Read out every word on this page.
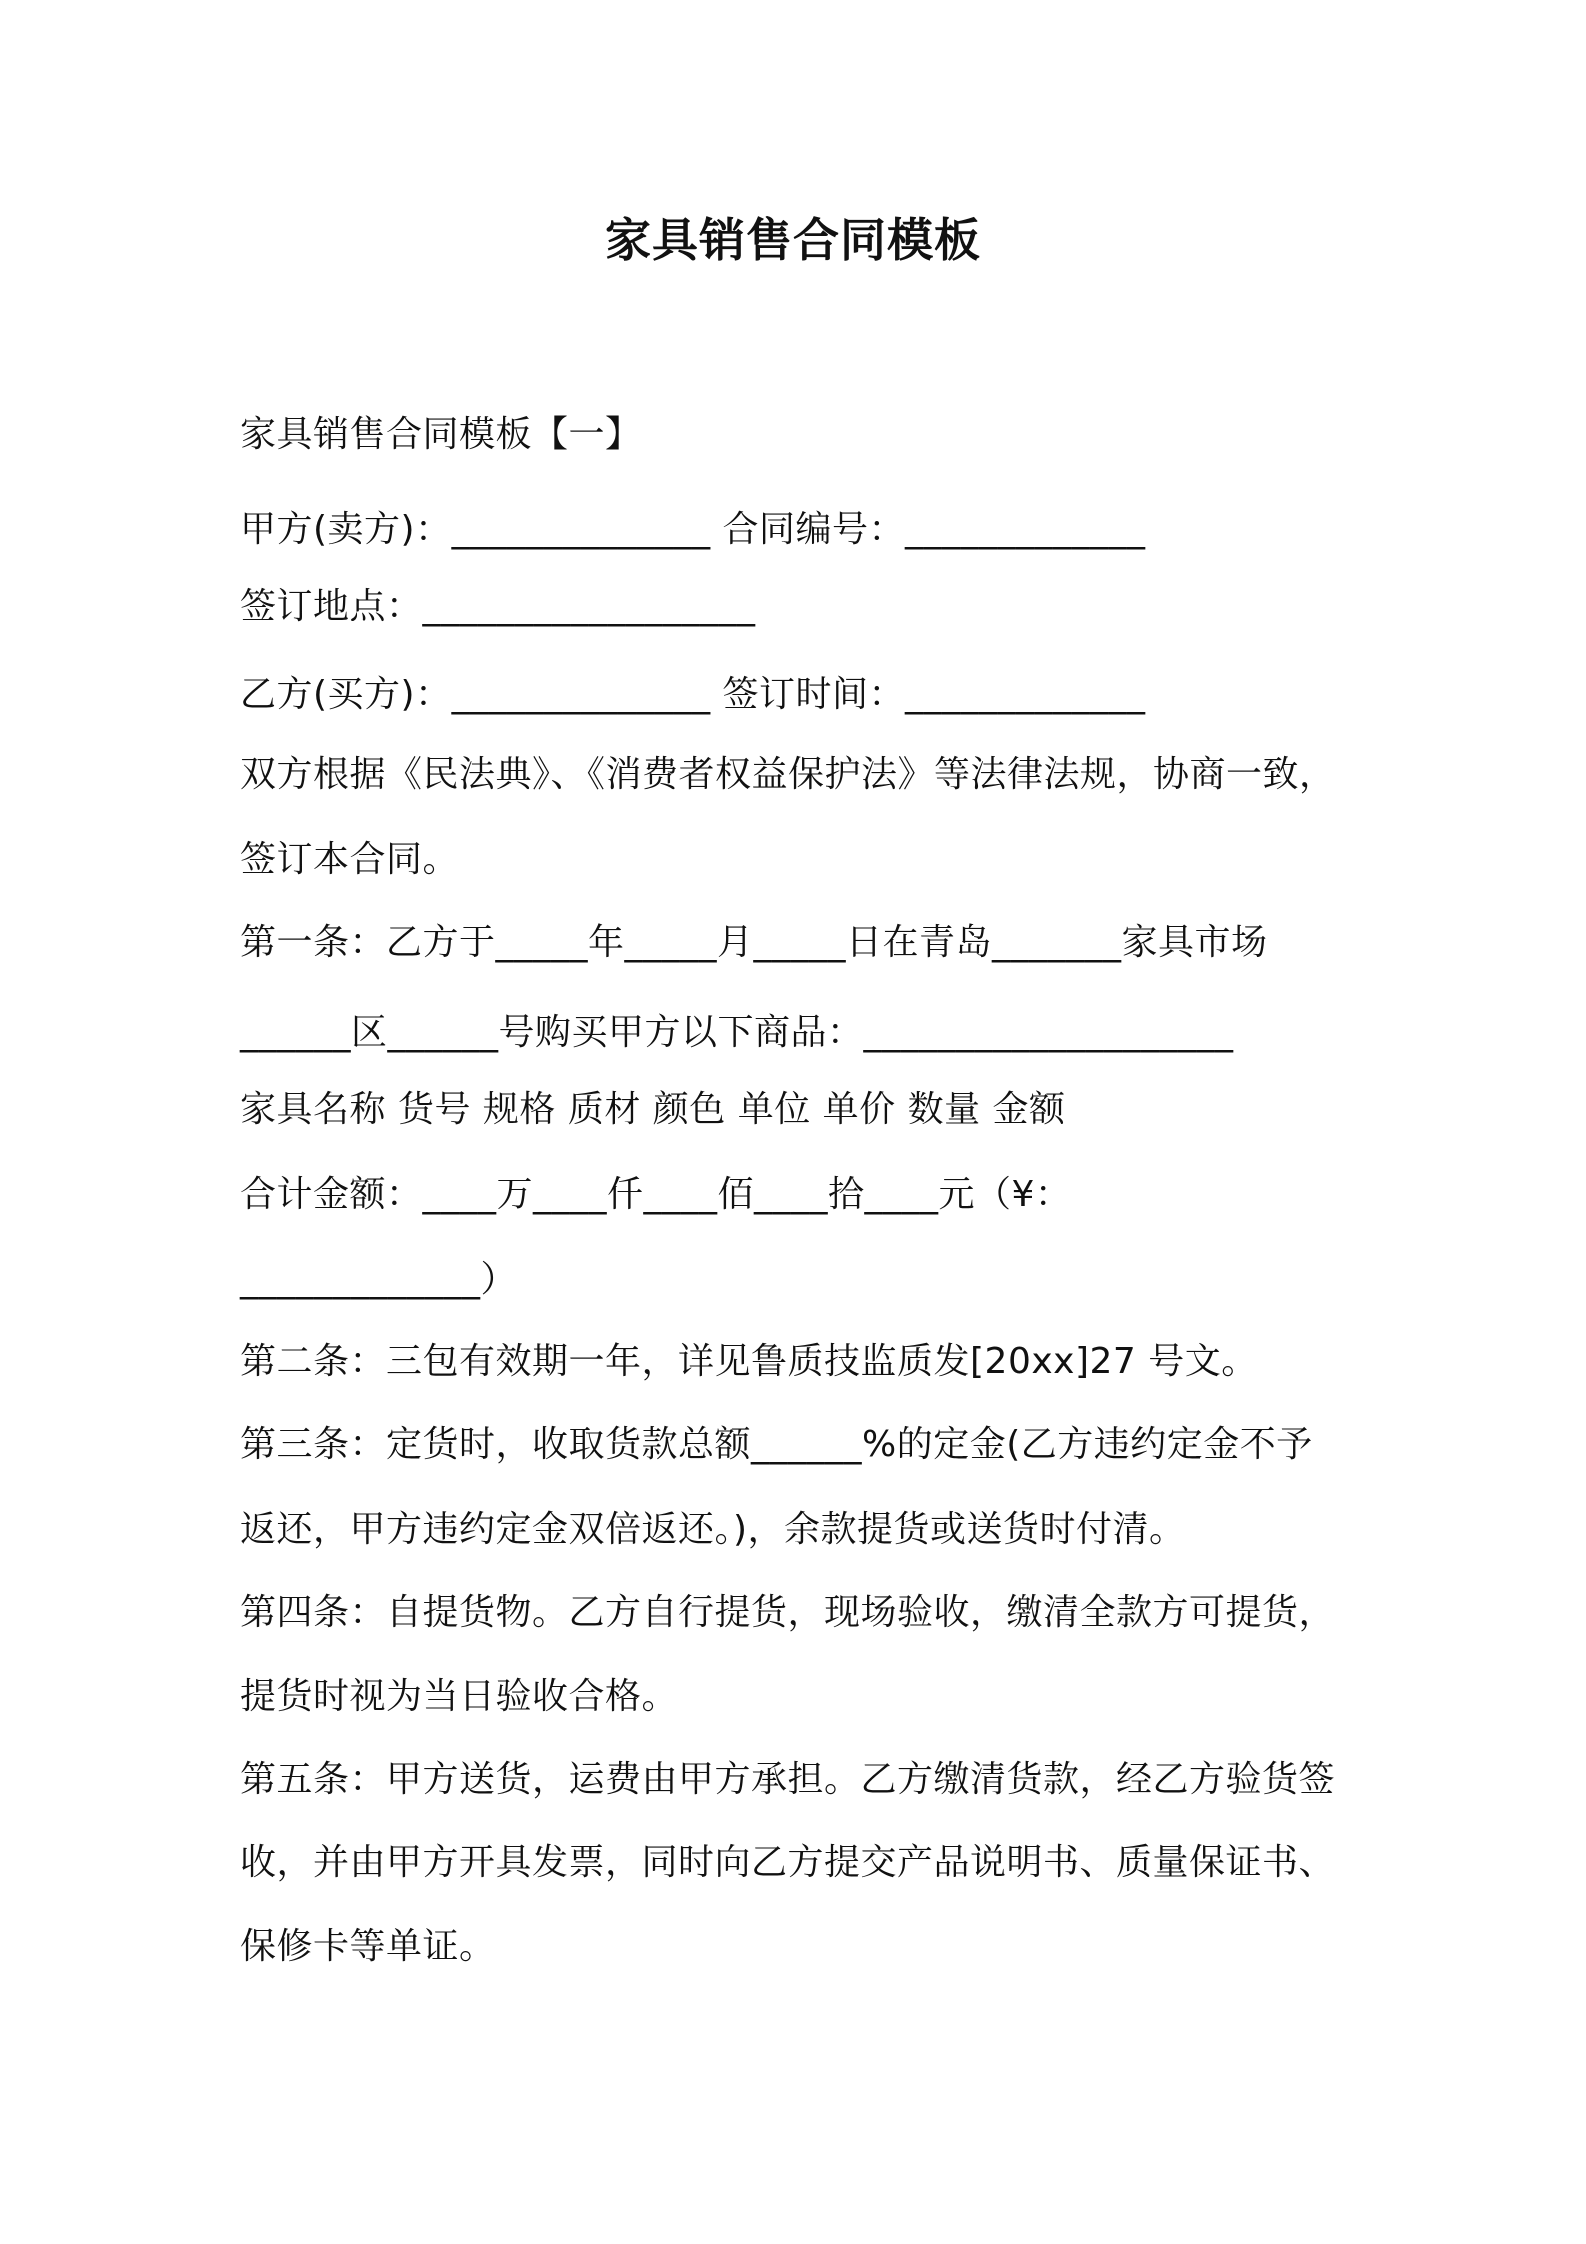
家具销售合同模板
家具销售合同模板【一】
甲方(卖方)：______________ 合同编号：_____________
签订地点：__________________
乙方(买方)：______________ 签订时间：_____________
双方根据《民法典》、《消费者权益保护法》等法律法规，协商一致，
签订本合同。
第一条：乙方于_____年_____月_____日在青岛_______家具市场
______区______号购买甲方以下商品：____________________
家具名称 货号 规格 质材 颜色 单位 单价 数量 金额
合计金额：____万____仟____佰____拾____元（¥：
_____________）
第二条：三包有效期一年，详见鲁质技监质发[20xx]27 号文。
第三条：定货时，收取货款总额______%的定金(乙方违约定金不予
返还，甲方违约定金双倍返还。)，余款提货或送货时付清。
第四条：自提货物。乙方自行提货，现场验收，缴清全款方可提货，
提货时视为当日验收合格。
第五条：甲方送货，运费由甲方承担。乙方缴清货款，经乙方验货签
收，并由甲方开具发票，同时向乙方提交产品说明书、质量保证书、
保修卡等单证。
